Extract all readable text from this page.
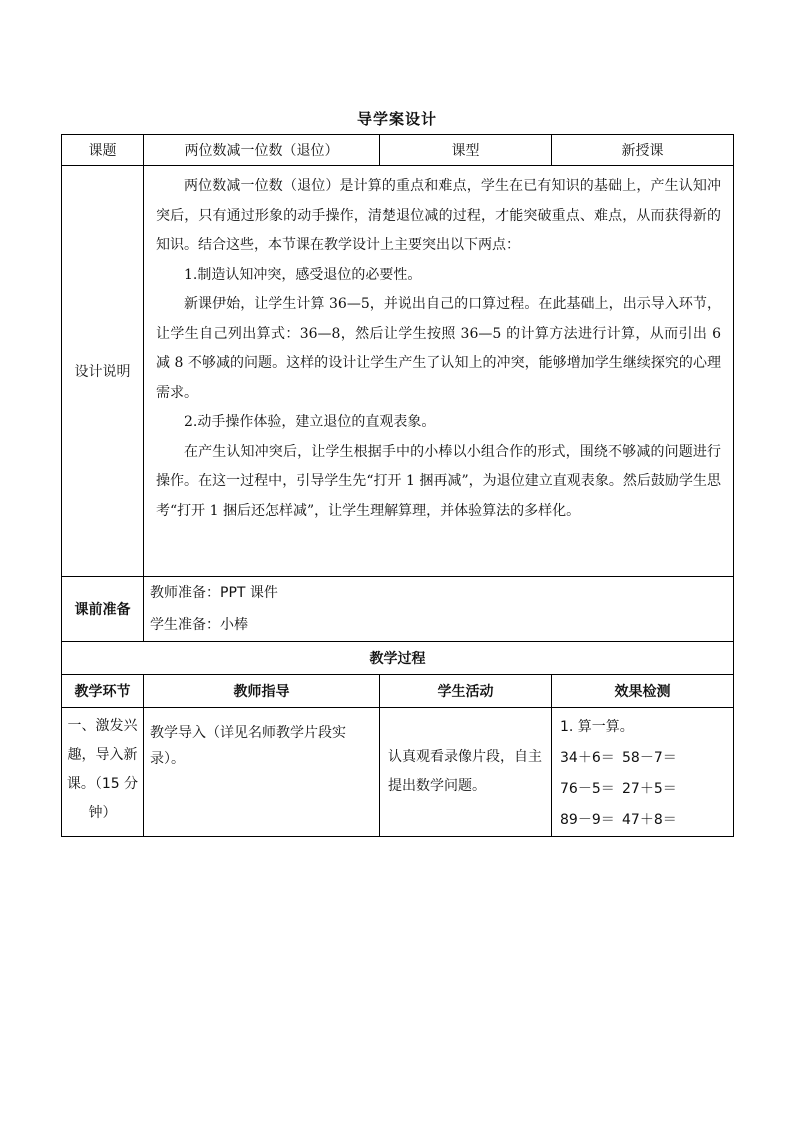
导学案设计
课题	两位数减一位数（退位）	课型	新授课
设计说明	两位数减一位数（退位）是计算的重点和难点，学生在已有知识的基础上，产生认知冲突后，只有通过形象的动手操作，清楚退位减的过程，才能突破重点、难点，从而获得新的知识。结合这些，本节课在教学设计上主要突出以下两点：

1.制造认知冲突，感受退位的必要性。

新课伊始，让学生计算 36—5，并说出自己的口算过程。在此基础上，出示导入环节，让学生自己列出算式：36—8，然后让学生按照 36—5 的计算方法进行计算，从而引出 6 减 8 不够减的问题。这样的设计让学生产生了认知上的冲突，能够增加学生继续探究的心理需求。

2.动手操作体验，建立退位的直观表象。

在产生认知冲突后，让学生根据手中的小棒以小组合作的形式，围绕不够减的问题进行操作。在这一过程中，引导学生先“打开 1 捆再减”，为退位建立直观表象。然后鼓励学生思考“打开 1 捆后还怎样减”，让学生理解算理，并体验算法的多样化。		

课前准备	教师准备：PPT 课件
学生准备：小棒		

教学过程			
教学环节	教师指导	学生活动	效果检测
一、激发兴趣，导入新课。（15 分钟）	教学导入（详见名师教学片段实录）。	认真观看录像片段，自主提出数学问题。	1. 算一算。
34＋6＝ 58－7＝
76－5＝ 27＋5＝
89－9＝ 47＋8＝
